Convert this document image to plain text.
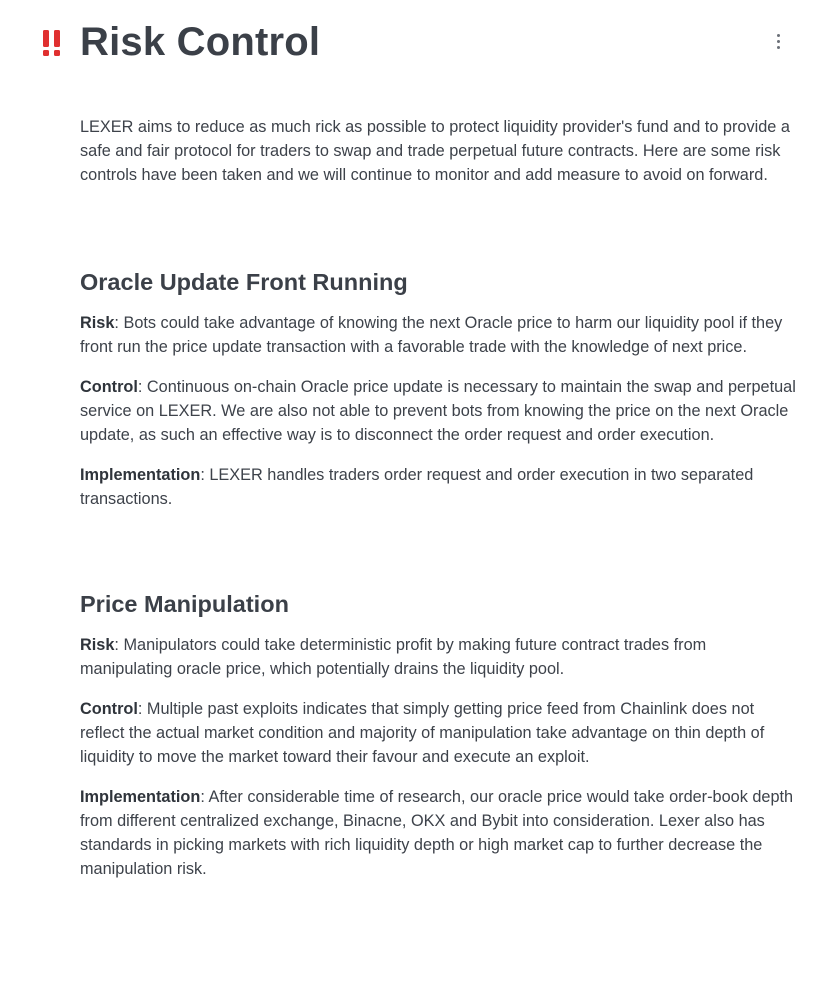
Risk Control

LEXER aims to reduce as much rick as possible to protect liquidity provider's fund and to provide a safe and fair protocol for traders to swap and trade perpetual future contracts. Here are some risk controls have been taken and we will continue to monitor and add measure to avoid on forward.

Oracle Update Front Running

Risk: Bots could take advantage of knowing the next Oracle price to harm our liquidity pool if they front run the price update transaction with a favorable trade with the knowledge of next price.

Control: Continuous on-chain Oracle price update is necessary to maintain the swap and perpetual service on LEXER. We are also not able to prevent bots from knowing the price on the next Oracle update, as such an effective way is to disconnect the order request and order execution.

Implementation: LEXER handles traders order request and order execution in two separated transactions.

Price Manipulation

Risk: Manipulators could take deterministic profit by making future contract trades from manipulating oracle price, which potentially drains the liquidity pool.

Control: Multiple past exploits indicates that simply getting price feed from Chainlink does not reflect the actual market condition and majority of manipulation take advantage on thin depth of liquidity to move the market toward their favour and execute an exploit.

Implementation: After considerable time of research, our oracle price would take order-book depth from different centralized exchange, Binacne, OKX and Bybit into consideration. Lexer also has standards in picking markets with rich liquidity depth or high market cap to further decrease the manipulation risk.
